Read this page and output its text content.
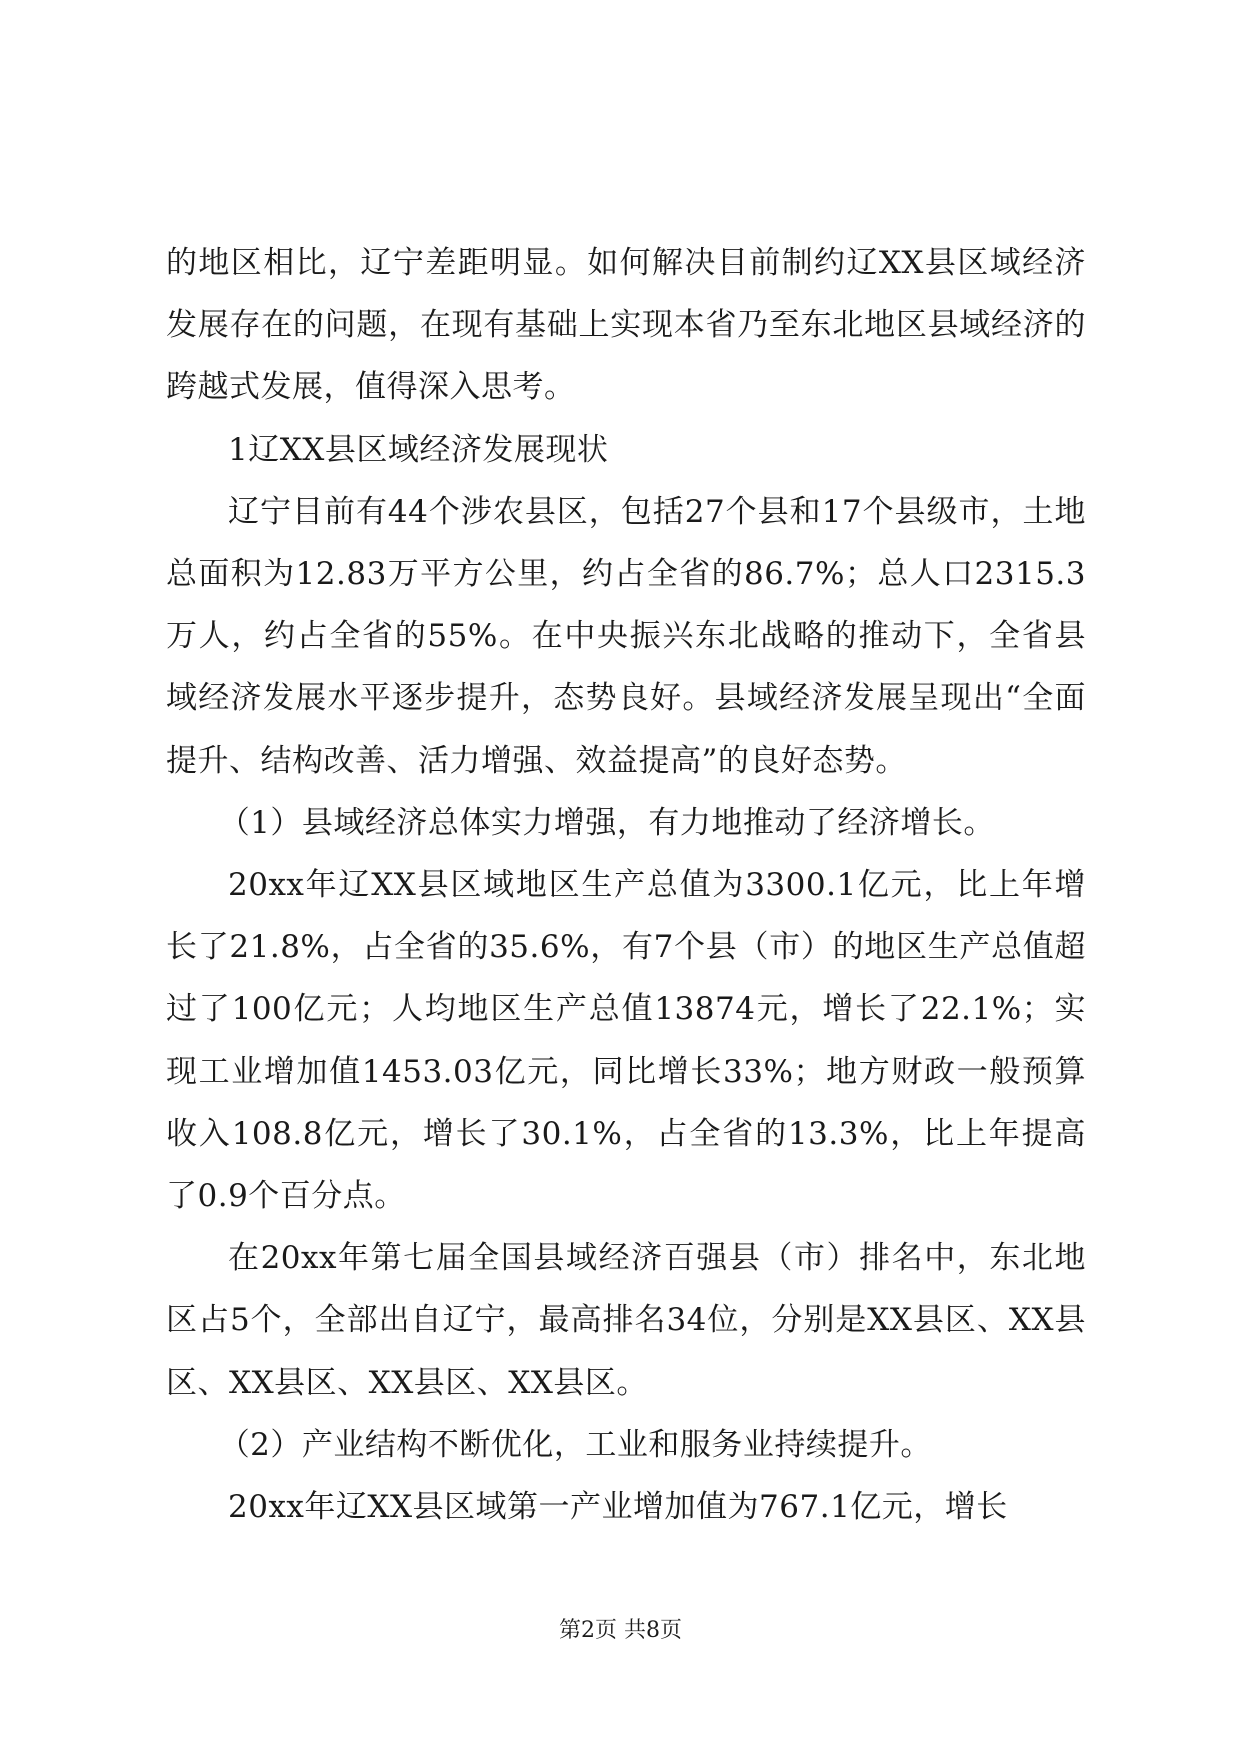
的地区相比，辽宁差距明显。如何解决目前制约辽XX县区域经济发展存在的问题，在现有基础上实现本省乃至东北地区县域经济的跨越式发展，值得深入思考。

1辽XX县区域经济发展现状

辽宁目前有44个涉农县区，包括27个县和17个县级市，土地总面积为12.83万平方公里，约占全省的86.7%；总人口2315.3万人，约占全省的55%。在中央振兴东北战略的推动下，全省县域经济发展水平逐步提升，态势良好。县域经济发展呈现出“全面提升、结构改善、活力增强、效益提高”的良好态势。

（1）县域经济总体实力增强，有力地推动了经济增长。

20xx年辽XX县区域地区生产总值为3300.1亿元，比上年增长了21.8%，占全省的35.6%，有7个县（市）的地区生产总值超过了100亿元；人均地区生产总值13874元，增长了22.1%；实现工业增加值1453.03亿元，同比增长33%；地方财政一般预算收入108.8亿元，增长了30.1%，占全省的13.3%，比上年提高了0.9个百分点。

在20xx年第七届全国县域经济百强县（市）排名中，东北地区占5个，全部出自辽宁，最高排名34位，分别是XX县区、XX县区、XX县区、XX县区、XX县区。

（2）产业结构不断优化，工业和服务业持续提升。

20xx年辽XX县区域第一产业增加值为767.1亿元，增长

第2页 共8页
